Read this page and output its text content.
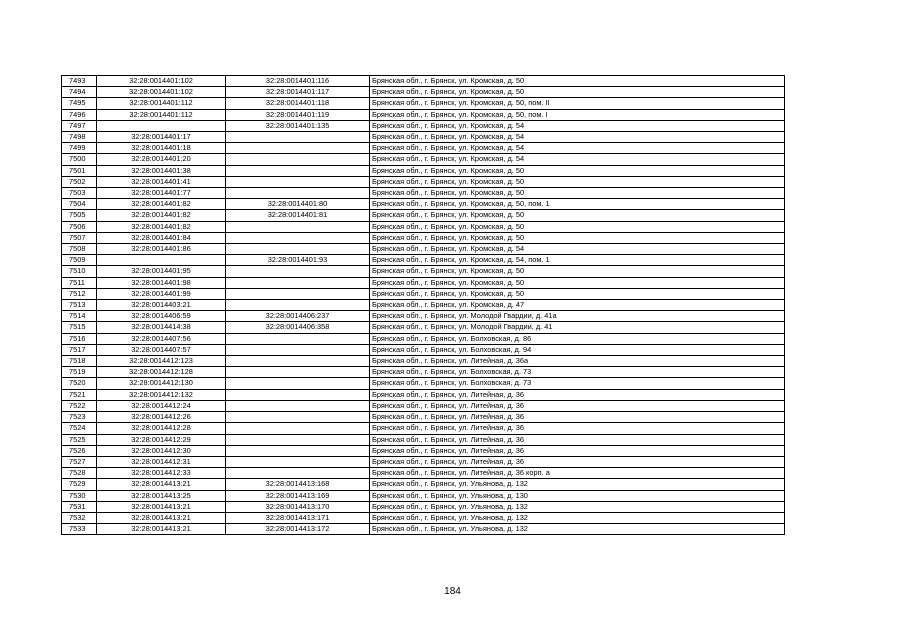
7493	32:28:0014401:102	32:28:0014401:116	Брянская обл., г. Брянск, ул. Кромская, д. 50
7494	32:28:0014401:102	32:28:0014401:117	Брянская обл., г. Брянск, ул. Кромская, д. 50
7495	32:28:0014401:112	32:28:0014401:118	Брянская обл., г. Брянск, ул. Кромская, д. 50, пом. II
7496	32:28:0014401:112	32:28:0014401:119	Брянская обл., г. Брянск, ул. Кромская, д. 50, пом. I
7497		32:28:0014401:135	Брянская обл., г. Брянск, ул. Кромская, д. 54
7498	32:28:0014401:17		Брянская обл., г. Брянск, ул. Кромская, д. 54
7499	32:28:0014401:18		Брянская обл., г. Брянск, ул. Кромская, д. 54
7500	32:28:0014401:20		Брянская обл., г. Брянск, ул. Кромская, д. 54
7501	32:28:0014401:38		Брянская обл., г. Брянск, ул. Кромская, д. 50
7502	32:28:0014401:41		Брянская обл., г. Брянск, ул. Кромская, д. 50
7503	32:28:0014401:77		Брянская обл., г. Брянск, ул. Кромская, д. 50
7504	32:28:0014401:82	32:28:0014401:80	Брянская обл., г. Брянск, ул. Кромская, д. 50, пом. 1
7505	32:28:0014401:82	32:28:0014401:81	Брянская обл., г. Брянск, ул. Кромская, д. 50
7506	32:28:0014401:82		Брянская обл., г. Брянск, ул. Кромская, д. 50
7507	32:28:0014401:84		Брянская обл., г. Брянск, ул. Кромская, д. 50
7508	32:28:0014401:86		Брянская обл., г. Брянск, ул. Кромская, д. 54
7509		32:28:0014401:93	Брянская обл., г. Брянск, ул. Кромская, д. 54, пом. 1
7510	32:28:0014401:95		Брянская обл., г. Брянск, ул. Кромская, д. 50
7511	32:28:0014401:98		Брянская обл., г. Брянск, ул. Кромская, д. 50
7512	32:28:0014401:99		Брянская обл., г. Брянск, ул. Кромская, д. 50
7513	32:28:0014403:21		Брянская обл., г. Брянск, ул. Кромская, д. 47
7514	32:28:0014406:59	32:28:0014406:237	Брянская обл., г. Брянск, ул. Молодой Гвардии, д. 41а
7515	32:28:0014414:38	32:28:0014406:358	Брянская обл., г. Брянск, ул. Молодой Гвардии, д. 41
7516	32:28:0014407:56		Брянская обл., г. Брянск, ул. Болховская, д. 86
7517	32:28:0014407:57		Брянская обл., г. Брянск, ул. Болховская, д. 94
7518	32:28:0014412:123		Брянская обл., г. Брянск, ул. Литейная, д. 36а
7519	32:28:0014412:128		Брянская обл., г. Брянск, ул. Болховская, д. 73
7520	32:28:0014412:130		Брянская обл., г. Брянск, ул. Болховская, д. 73
7521	32:28:0014412:132		Брянская обл., г. Брянск, ул. Литейная, д. 36
7522	32:28:0014412:24		Брянская обл., г. Брянск, ул. Литейная, д. 36
7523	32:28:0014412:26		Брянская обл., г. Брянск, ул. Литейная, д. 36
7524	32:28:0014412:28		Брянская обл., г. Брянск, ул. Литейная, д. 36
7525	32:28:0014412:29		Брянская обл., г. Брянск, ул. Литейная, д. 36
7526	32:28:0014412:30		Брянская обл., г. Брянск, ул. Литейная, д. 36
7527	32:28:0014412:31		Брянская обл., г. Брянск, ул. Литейная, д. 36
7528	32:28:0014412:33		Брянская обл., г. Брянск, ул. Литейная, д. 36 корп. а
7529	32:28:0014413:21	32:28:0014413:168	Брянская обл., г. Брянск, ул. Ульянова, д. 132
7530	32:28:0014413:25	32:28:0014413:169	Брянская обл., г. Брянск, ул. Ульянова, д. 130
7531	32:28:0014413:21	32:28:0014413:170	Брянская обл., г. Брянск, ул. Ульянова, д. 132
7532	32:28:0014413:21	32:28:0014413:171	Брянская обл., г. Брянск, ул. Ульянова, д. 132
7533	32:28:0014413:21	32:28:0014413:172	Брянская обл., г. Брянск, ул. Ульянова, д. 132
184
